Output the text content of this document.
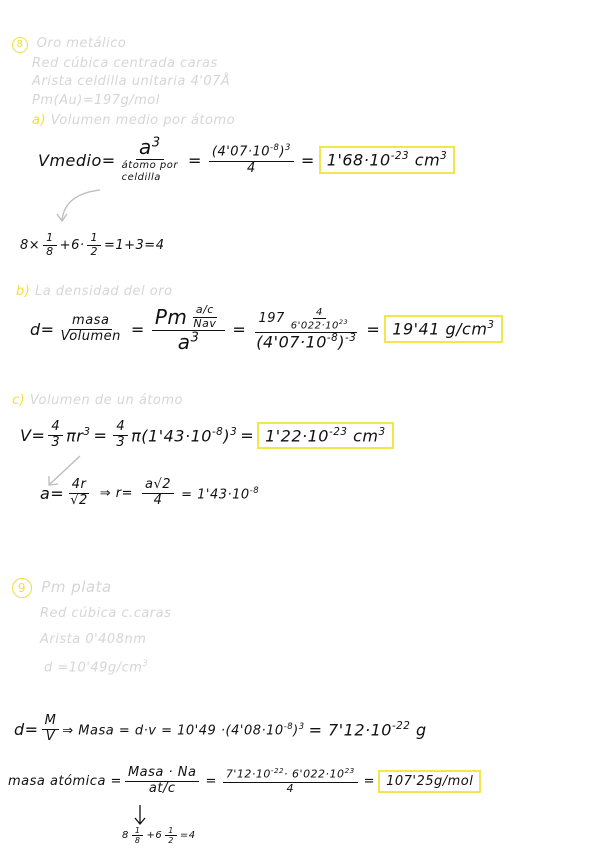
8 Oro metálico
Red cúbica centrada caras
Arista celdilla unitaria 4'07Å
Pm(Au)=197g/mol
a) Volumen medio por átomo
Vmedio=
$a^3$
átomo por
celdilla
= $\frac{(4'07\cdot 10^{-8})^3}{4} = 1'68\cdot 10^{-23}$ $cm^3$
$8\times \frac{1}{8} +6\cdot \frac{1}{2} =1+3=4$
b) La densidad del oro
$d= \frac{\text{masa}}{\text{Volumen}} = \frac{Pm \frac{a/c}{\text{Nav}}}{a^3} = \frac{197 \frac{4}{6'022\cdot 10^{23}}}{(4'07\cdot 10^{-8})^{-3}} = 19'41$ $g/cm^3$
c) Volumen de un átomo
$V= \frac{4}{3} \pi r^3 = \frac{4}{3} \pi(1'43\cdot 10^{-8})^3 = 1'22\cdot 10^{-23}$ $cm^3$
$a= \frac{4r}{√2}$ ⇒ $r= \frac{a√2}{4} = 1'43\cdot 10^{-8}$
9 Pm plata
Red cúbica c.caras
Arista 0'408nm
$d =10'49g/cm^3$
$d= \frac{M}{V}$ ⇒ Masa = $d\cdot v = 10'49 \cdot(4'08\cdot 10^{-8})^3 = 7'12\cdot 10^{-22}$ g
masa atómica = $\frac{\text{Masa · Na}}{at/c} = \frac{7'12\cdot 10^{-22}\cdot 6'022\cdot 10^{23}}{4} = 107'25g/mol$
$8 \frac{1}{8} +6 \frac{1}{2} =4$
